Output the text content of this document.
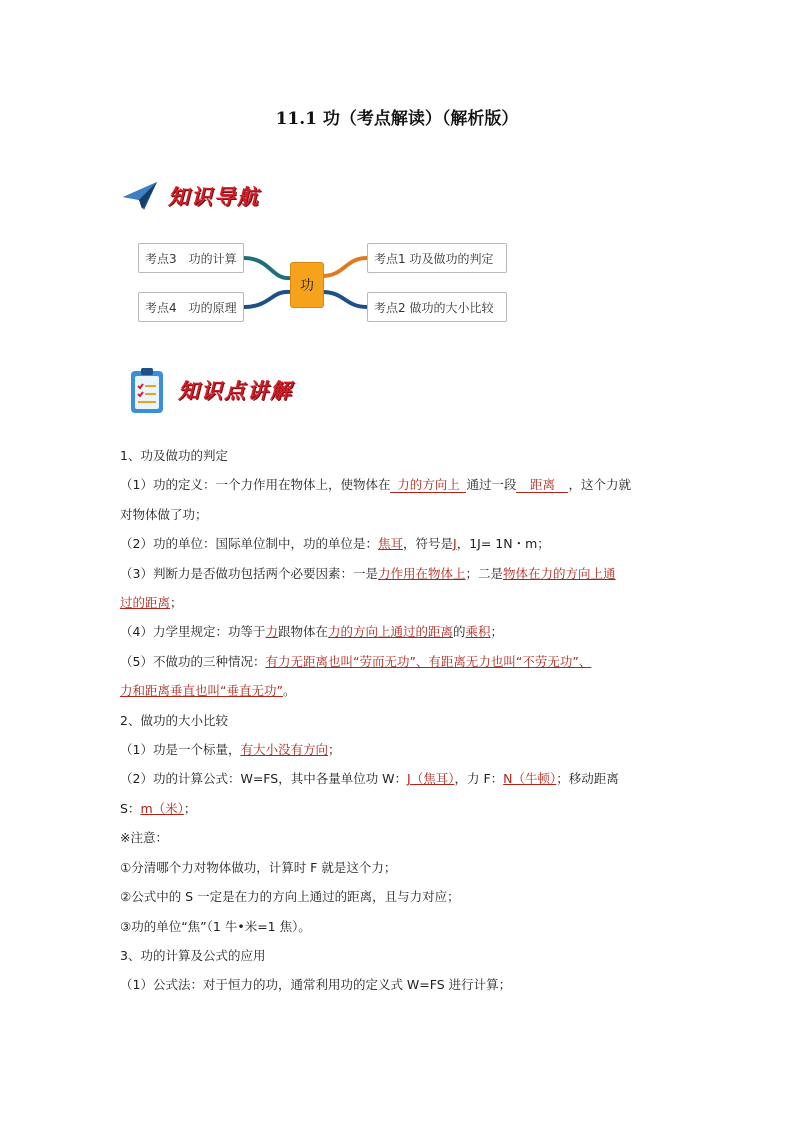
11.1 功（考点解读）（解析版）
知识导航
考点3　功的计算
考点4　功的原理
功
考点1 功及做功的判定
考点2 做功的大小比较
知识点讲解

1、功及做功的判定

（1）功的定义：一个力作用在物体上，使物体在 力的方向上 通过一段 距离 ，这个力就

对物体做了功；

（2）功的单位：国际单位制中，功的单位是：焦耳，符号是J，1J= 1N・m；

（3）判断力是否做功包括两个必要因素：一是力作用在物体上；二是物体在力的方向上通

过的距离；

（4）力学里规定：功等于力跟物体在力的方向上通过的距离的乘积；

（5）不做功的三种情况：有力无距离也叫“劳而无功”、有距离无力也叫“不劳无功”、

力和距离垂直也叫“垂直无功”。

2、做功的大小比较

（1）功是一个标量，有大小没有方向；

（2）功的计算公式：W=FS，其中各量单位功 W：J（焦耳），力 F：N（牛顿）；移动距离

S：m（米）；

※注意：

①分清哪个力对物体做功，计算时 F 就是这个力；

②公式中的 S 一定是在力的方向上通过的距离，且与力对应；

③功的单位“焦”（1 牛•米=1 焦）。

3、功的计算及公式的应用

（1）公式法：对于恒力的功，通常利用功的定义式 W=FS 进行计算；
